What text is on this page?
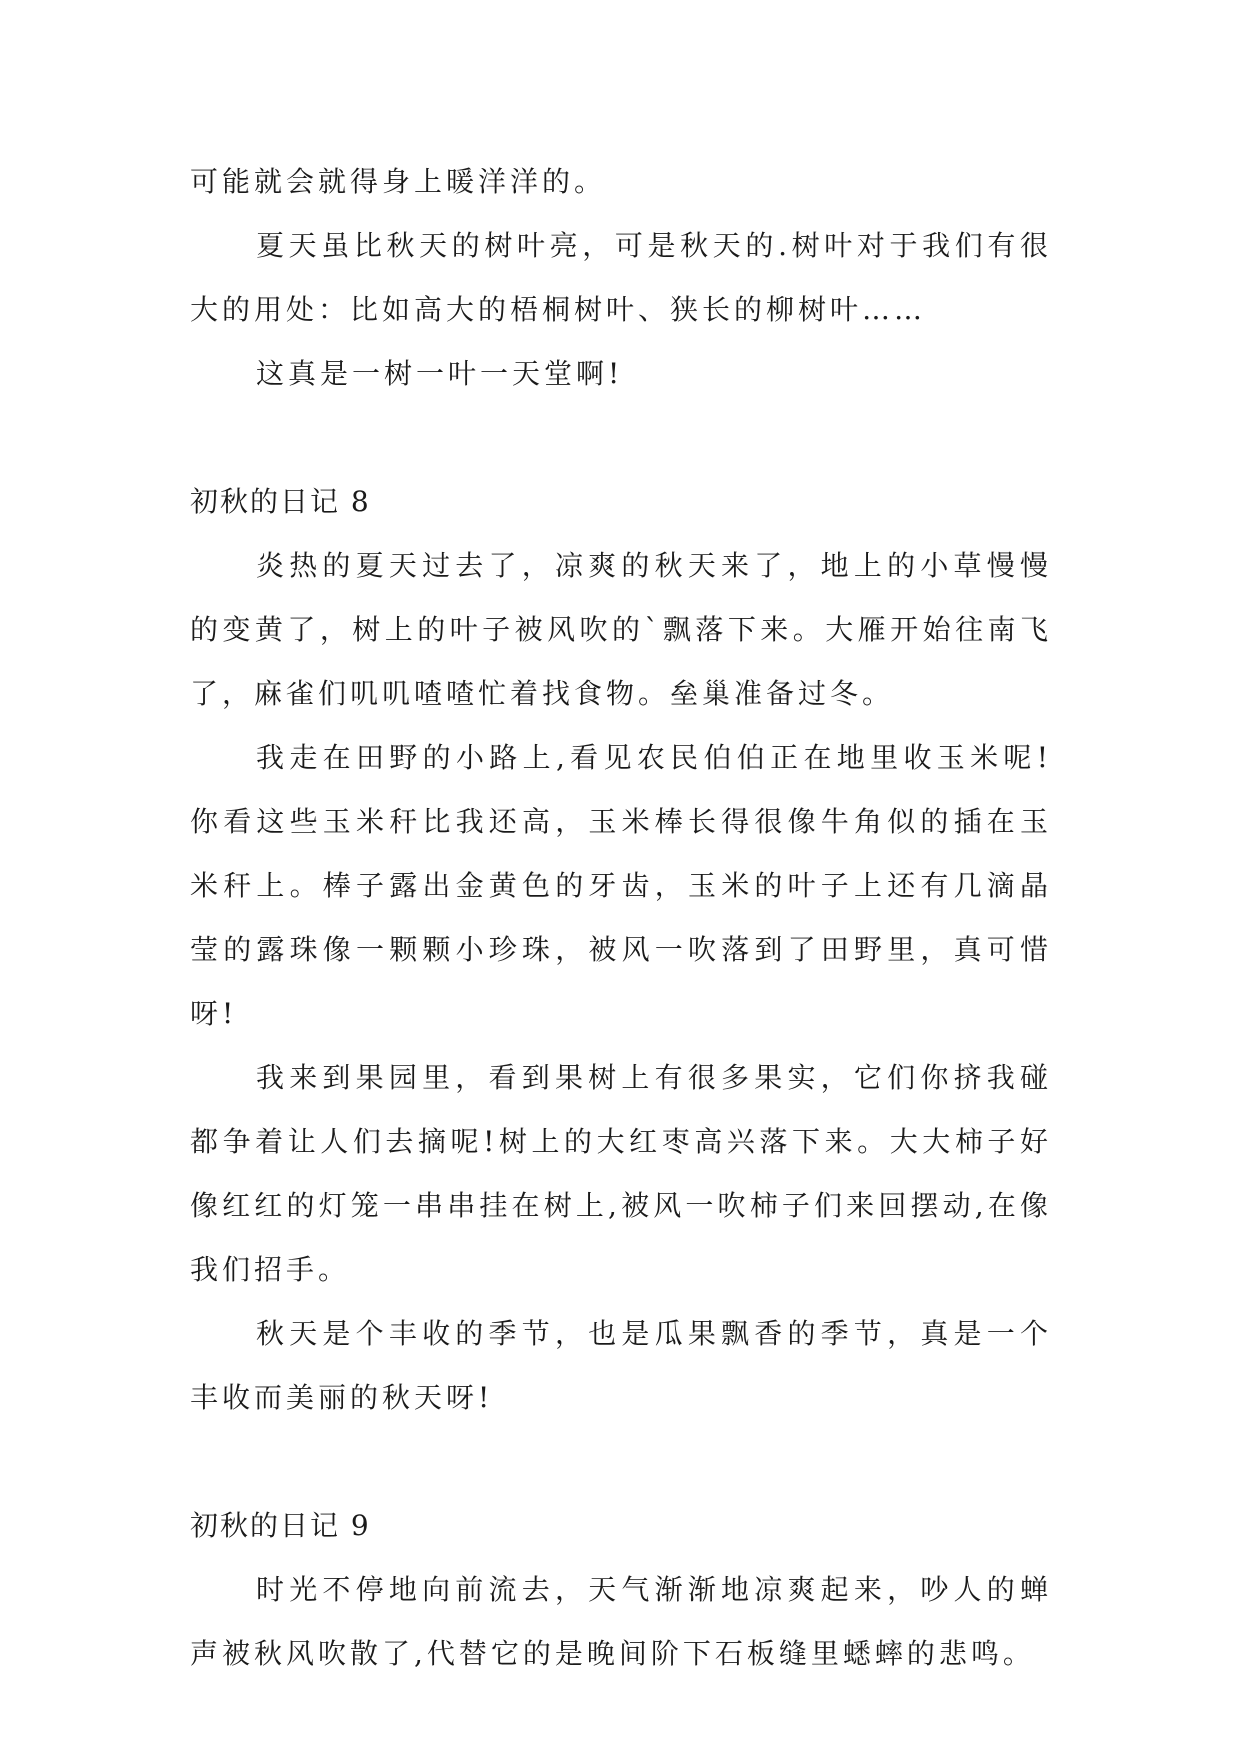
可能就会就得身上暖洋洋的。

夏天虽比秋天的树叶亮，可是秋天的.树叶对于我们有很大的用处：比如高大的梧桐树叶、狭长的柳树叶……

这真是一树一叶一天堂啊!

初秋的日记 8

炎热的夏天过去了，凉爽的秋天来了，地上的小草慢慢的变黄了，树上的叶子被风吹的`飘落下来。大雁开始往南飞了，麻雀们叽叽喳喳忙着找食物。垒巢准备过冬。

我走在田野的小路上,看见农民伯伯正在地里收玉米呢!你看这些玉米秆比我还高，玉米棒长得很像牛角似的插在玉米秆上。棒子露出金黄色的牙齿，玉米的叶子上还有几滴晶莹的露珠像一颗颗小珍珠，被风一吹落到了田野里，真可惜呀!

我来到果园里，看到果树上有很多果实，它们你挤我碰都争着让人们去摘呢!树上的大红枣高兴落下来。大大柿子好像红红的灯笼一串串挂在树上,被风一吹柿子们来回摆动,在像我们招手。

秋天是个丰收的季节，也是瓜果飘香的季节，真是一个丰收而美丽的秋天呀!

初秋的日记 9

时光不停地向前流去，天气渐渐地凉爽起来，吵人的蝉声被秋风吹散了,代替它的是晚间阶下石板缝里蟋蟀的悲鸣。
